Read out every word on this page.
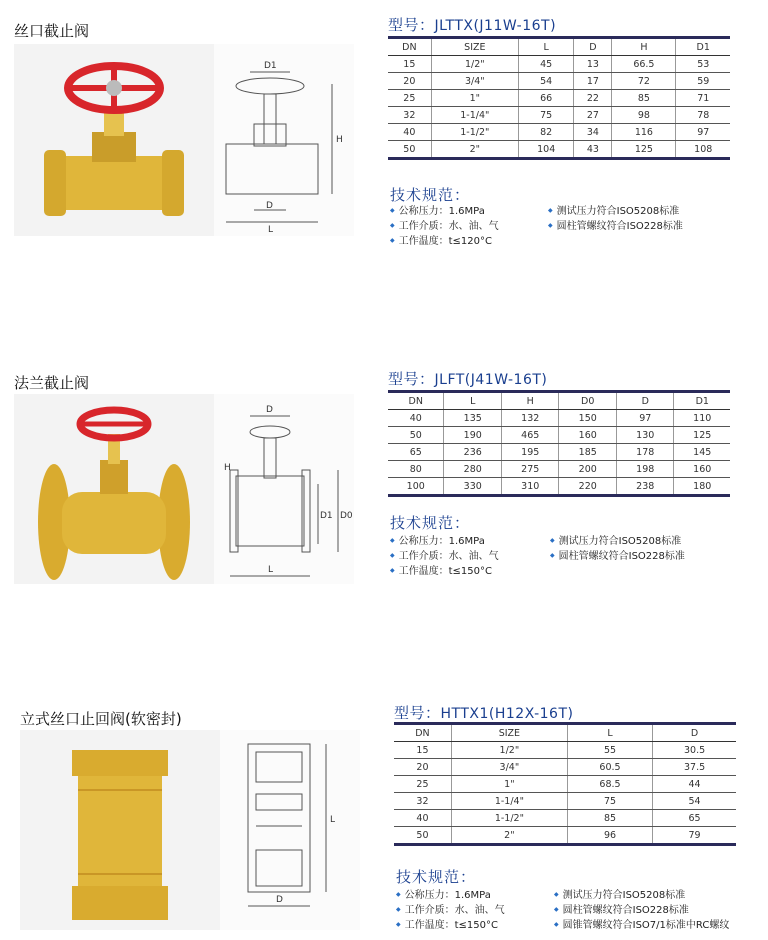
丝口截止阀
D1
H
D
L
型号：JLTTX(J11W-16T)
DN	SIZE	L	D	H	D1
15	1/2"	45	13	66.5	53
20	3/4"	54	17	72	59
25	1"	66	22	85	71
32	1-1/4"	75	27	98	78
40	1-1/2"	82	34	116	97
50	2"	104	43	125	108
技术规范：
◆ 公称压力：1.6MPa
◆ 工作介质：水、油、气
◆ 工作温度：t≤120°C
◆ 测试压力符合ISO5208标准
◆ 圆柱管螺纹符合ISO228标准
法兰截止阀
D
H
D1 D0
L
型号：JLFT(J41W-16T)
DN	L	H	D0	D	D1
40	135	132	150	97	110
50	190	465	160	130	125
65	236	195	185	178	145
80	280	275	200	198	160
100	330	310	220	238	180
技术规范：
◆ 公称压力：1.6MPa
◆ 工作介质：水、油、气
◆ 工作温度：t≤150°C
◆ 测试压力符合ISO5208标准
◆ 圆柱管螺纹符合ISO228标准
立式丝口止回阀(软密封)
L
D
型号：HTTX1(H12X-16T)
DN	SIZE	L	D
15	1/2"	55	30.5
20	3/4"	60.5	37.5
25	1"	68.5	44
32	1-1/4"	75	54
40	1-1/2"	85	65
50	2"	96	79
技术规范：
◆ 公称压力：1.6MPa
◆ 工作介质：水、油、气
◆ 工作温度：t≤150°C
◆ 测试压力符合ISO5208标准
◆ 圆柱管螺纹符合ISO228标准
◆ 圆锥管螺纹符合ISO7/1标准中RC螺纹
